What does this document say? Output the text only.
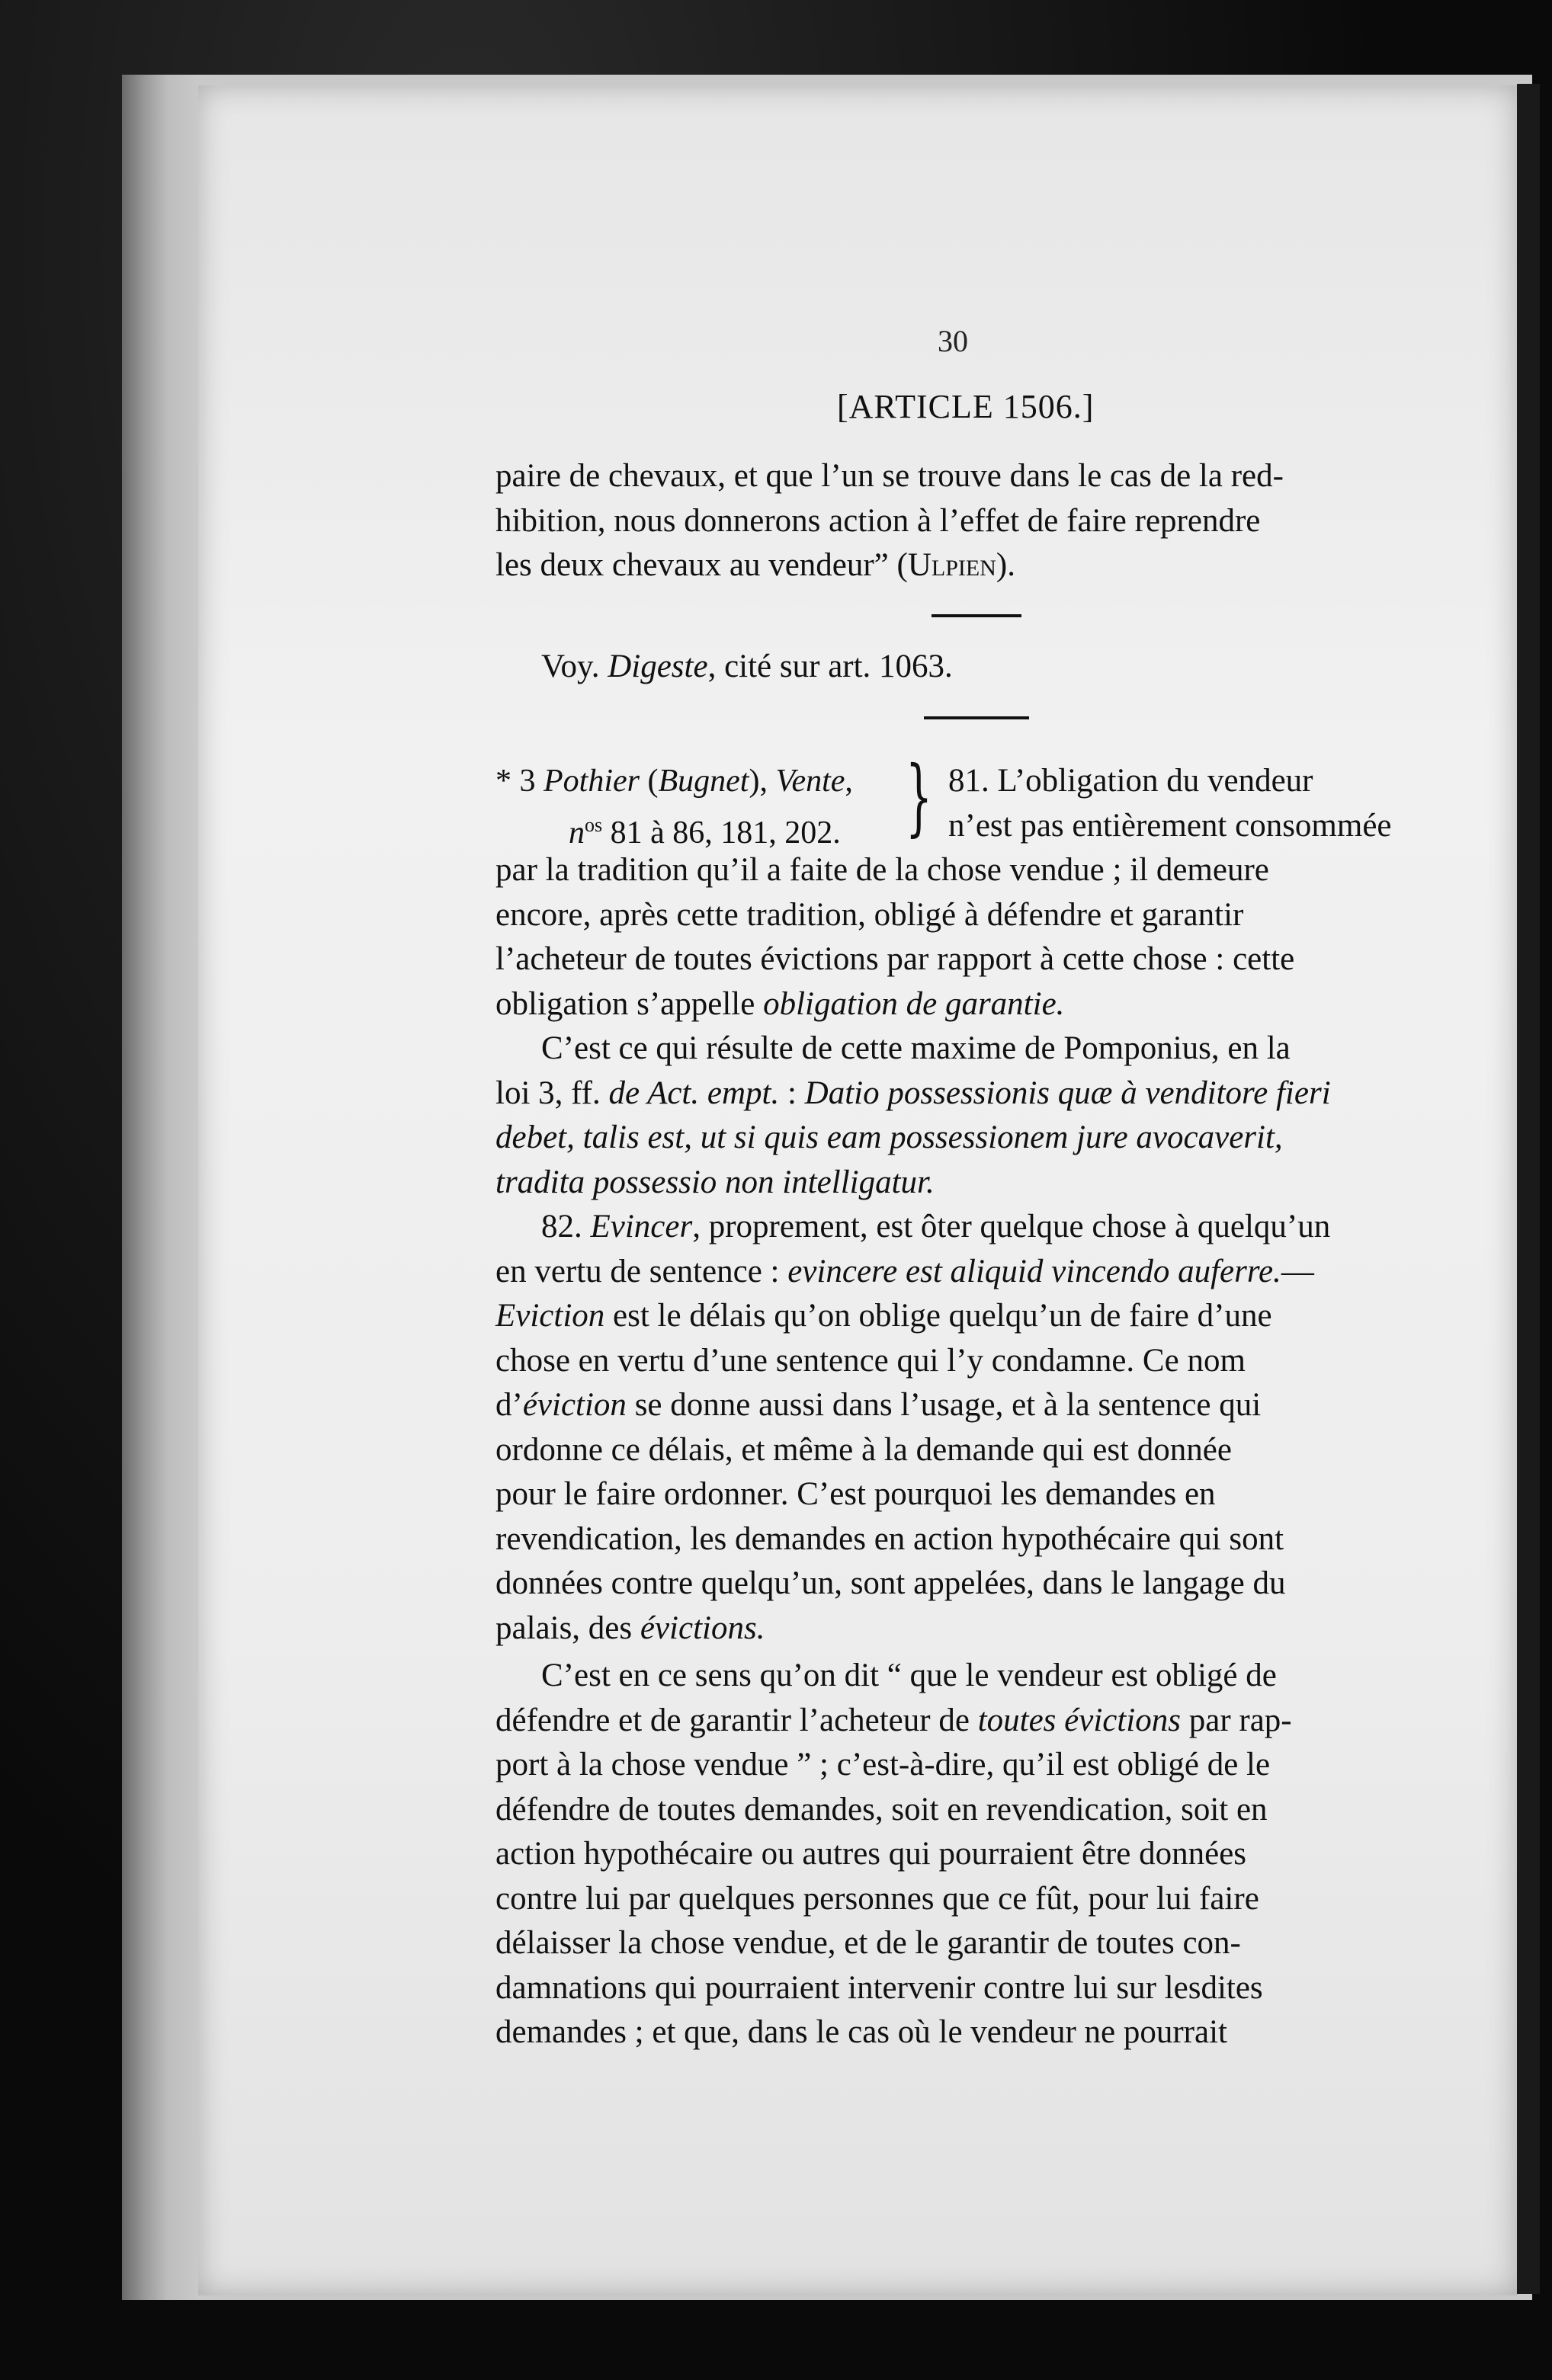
30
[ARTICLE 1506.]

paire de chevaux, et que l’un se trouve dans le cas de la red-

hibition, nous donnerons action à l’effet de faire reprendre

les deux chevaux au vendeur” (Ulpien).

Voy. Digeste, cité sur art. 1063.

* 3 Pothier (Bugnet), Vente,
$n^{os}$ 81 à 86, 181, 202. } 81. L’obligation du vendeur

n’est pas entièrement consommée

par la tradition qu’il a faite de la chose vendue ; il demeure

encore, après cette tradition, obligé à défendre et garantir

l’acheteur de toutes évictions par rapport à cette chose : cette

obligation s’appelle obligation de garantie.

C’est ce qui résulte de cette maxime de Pomponius, en la

loi 3, ff. de Act. empt. : Datio possessionis quæ à venditore fieri

debet, talis est, ut si quis eam possessionem jure avocaverit,

tradita possessio non intelligatur.

82. Evincer, proprement, est ôter quelque chose à quelqu’un

en vertu de sentence : evincere est aliquid vincendo auferre.—

Eviction est le délais qu’on oblige quelqu’un de faire d’une

chose en vertu d’une sentence qui l’y condamne. Ce nom

d’éviction se donne aussi dans l’usage, et à la sentence qui

ordonne ce délais, et même à la demande qui est donnée

pour le faire ordonner. C’est pourquoi les demandes en

revendication, les demandes en action hypothécaire qui sont

données contre quelqu’un, sont appelées, dans le langage du

palais, des évictions.

C’est en ce sens qu’on dit “ que le vendeur est obligé de

défendre et de garantir l’acheteur de toutes évictions par rap-

port à la chose vendue ” ; c’est-à-dire, qu’il est obligé de le

défendre de toutes demandes, soit en revendication, soit en

action hypothécaire ou autres qui pourraient être données

contre lui par quelques personnes que ce fût, pour lui faire

délaisser la chose vendue, et de le garantir de toutes con-

damnations qui pourraient intervenir contre lui sur lesdites

demandes ; et que, dans le cas où le vendeur ne pourrait
